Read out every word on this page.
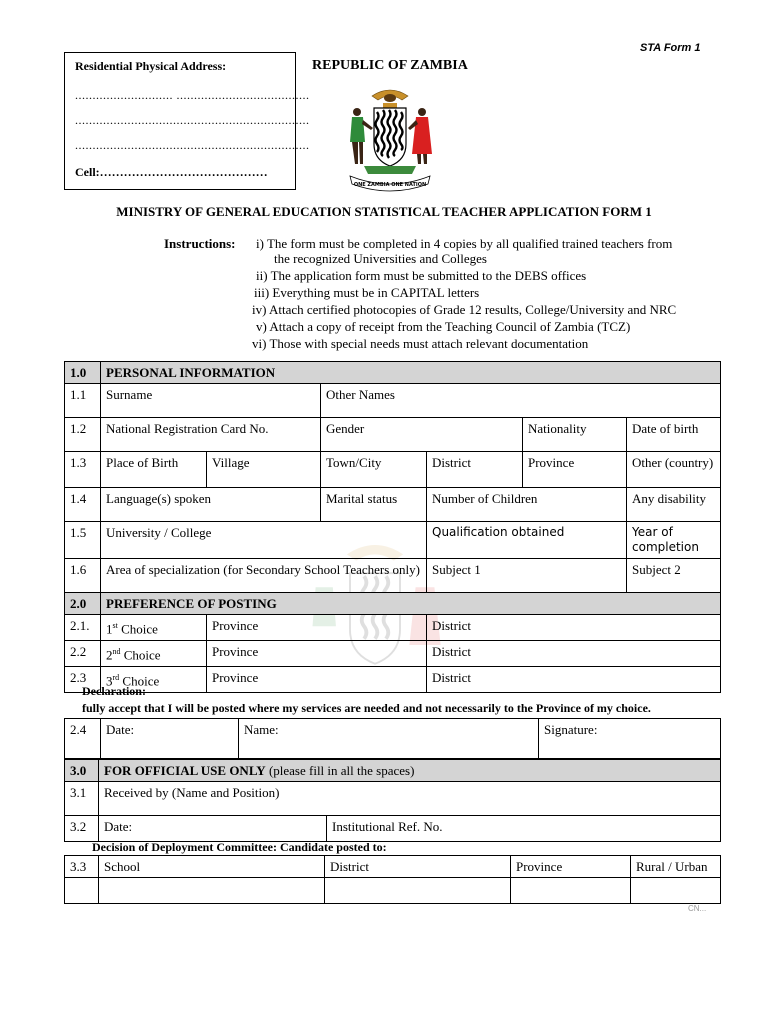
STA Form 1
Residential Physical Address:
............................ ......................................
...................................................................
...................................................................
Cell:……………………………………
REPUBLIC OF ZAMBIA
ONE ZAMBIA ONE NATION
MINISTRY OF GENERAL EDUCATION STATISTICAL TEACHER APPLICATION FORM 1
Instructions: i) The form must be completed in 4 copies by all qualified trained teachers from
the recognized Universities and Colleges
ii) The application form must be submitted to the DEBS offices
iii) Everything must be in CAPITAL letters
iv) Attach certified photocopies of Grade 12 results, College/University and NRC
v) Attach a copy of receipt from the Teaching Council of Zambia (TCZ)
vi) Those with special needs must attach relevant documentation
1.0	PERSONAL INFORMATION					
1.1	Surname		Other Names			
1.2	National Registration Card No.		Gender		Nationality	Date of birth
1.3	Place of Birth	Village	Town/City	District	Province	Other (country)
1.4	Language(s) spoken		Marital status	Number of Children		Any disability
1.5	University / College			Qualification obtained		Year of completion
1.6	Area of specialization (for Secondary School Teachers only)			Subject 1		Subject 2
2.0	PREFERENCE OF POSTING					
2.1.	1st Choice	Province		District		
2.2	2nd Choice	Province		District		
2.3	3rd Choice	Province		District		
Declaration:
fully accept that I will be posted where my services are needed and not necessarily to the Province of my choice.
2.4	Date:	Name:	Signature:
3.0	FOR OFFICIAL USE ONLY (please fill in all the spaces)	
3.1	Received by (Name and Position)	
3.2	Date:	Institutional Ref. No.
Decision of Deployment Committee: Candidate posted to:
3.3	School	District	Province	Rural / Urban

CN...
